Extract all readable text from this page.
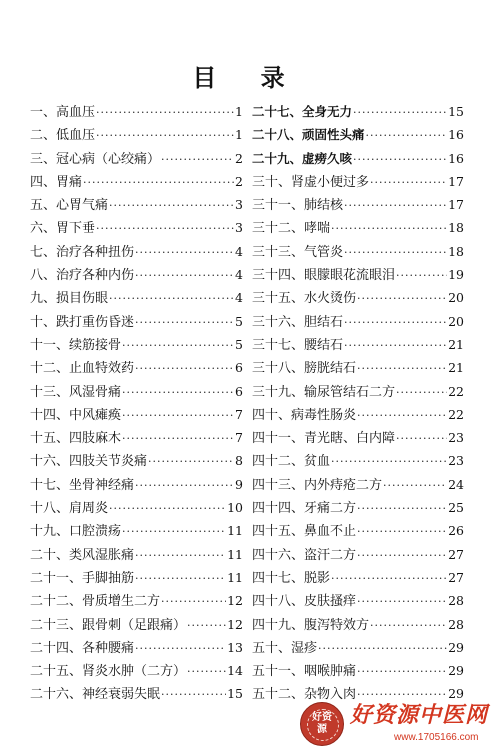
目 录
一、高血压 ·····	1
二、低血压 ·····	1
三、冠心病（心绞痛） ·····	2
四、胃痛 ·····	2
五、心胃气痛 ·····	3
六、胃下垂 ·····	3
七、治疗各种扭伤 ·····	4
八、治疗各种内伤 ·····	4
九、损目伤眼 ·····	4
十、跌打重伤昏迷 ·····	5
十一、续筋接骨 ·····	5
十二、止血特效药 ·····	6
十三、风湿骨痛 ·····	6
十四、中风瘫痪 ·····	7
十五、四肢麻木 ·····	7
十六、四肢关节炎痛 ·····	8
十七、坐骨神经痛 ·····	9
十八、肩周炎 ·····	10
十九、口腔溃疡 ·····	11
二十、类风湿胀痛 ·····	11
二十一、手脚抽筋 ·····	11
二十二、骨质增生二方 ·····	12
二十三、跟骨刺（足跟痛） ·····	12
二十四、各种腰痛 ·····	13
二十五、肾炎水肿（二方） ·····	14
二十六、神经衰弱失眠 ·····	15
二十七、全身无力 ·····	15
二十八、顽固性头痛 ·····	16
二十九、虚痨久咳 ·····	16
三十、肾虚小便过多 ·····	17
三十一、肺结核 ·····	17
三十二、哮喘 ·····	18
三十三、气管炎 ·····	18
三十四、眼朦眼花流眼泪 ·····	19
三十五、水火烫伤 ·····	20
三十六、胆结石 ·····	20
三十七、腰结石 ·····	21
三十八、膀胱结石 ·····	21
三十九、输尿管结石二方 ·····	22
四十、病毒性肠炎 ·····	22
四十一、青光瞎、白内障 ·····	23
四十二、贫血 ·····	23
四十三、内外痔疮二方 ·····	24
四十四、牙痛二方 ·····	25
四十五、鼻血不止 ·····	26
四十六、盗汗二方 ·····	27
四十七、脱影 ·····	27
四十八、皮肤搔痒 ·····	28
四十九、腹泻特效方 ·····	28
五十、湿疹 ·····	29
五十一、咽喉肿痛 ·····	29
五十二、杂物入肉 ·····	29
好资源
好资源中医网
www.1705166.com
